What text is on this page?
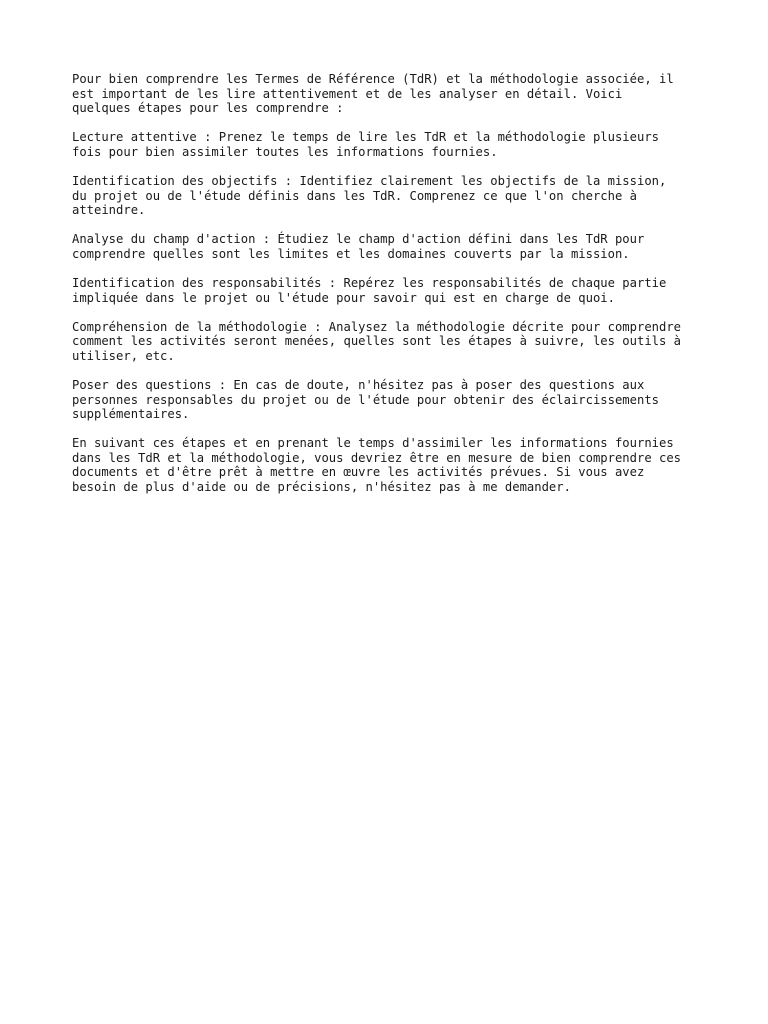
Pour bien comprendre les Termes de Référence (TdR) et la méthodologie associée, il
est important de les lire attentivement et de les analyser en détail. Voici
quelques étapes pour les comprendre :

Lecture attentive : Prenez le temps de lire les TdR et la méthodologie plusieurs
fois pour bien assimiler toutes les informations fournies.

Identification des objectifs : Identifiez clairement les objectifs de la mission,
du projet ou de l'étude définis dans les TdR. Comprenez ce que l'on cherche à
atteindre.

Analyse du champ d'action : Étudiez le champ d'action défini dans les TdR pour
comprendre quelles sont les limites et les domaines couverts par la mission.

Identification des responsabilités : Repérez les responsabilités de chaque partie
impliquée dans le projet ou l'étude pour savoir qui est en charge de quoi.

Compréhension de la méthodologie : Analysez la méthodologie décrite pour comprendre
comment les activités seront menées, quelles sont les étapes à suivre, les outils à
utiliser, etc.

Poser des questions : En cas de doute, n'hésitez pas à poser des questions aux
personnes responsables du projet ou de l'étude pour obtenir des éclaircissements
supplémentaires.

En suivant ces étapes et en prenant le temps d'assimiler les informations fournies
dans les TdR et la méthodologie, vous devriez être en mesure de bien comprendre ces
documents et d'être prêt à mettre en œuvre les activités prévues. Si vous avez
besoin de plus d'aide ou de précisions, n'hésitez pas à me demander.
